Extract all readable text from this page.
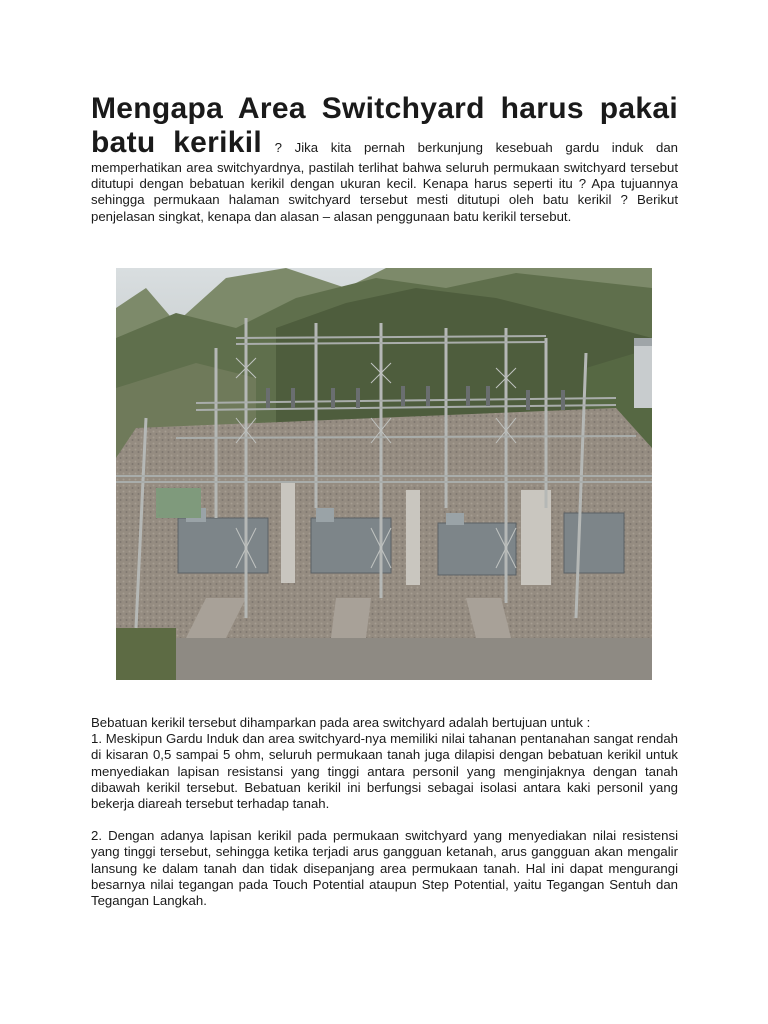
Mengapa Area Switchyard harus pakai
batu kerikil ? Jika kita pernah berkunjung kesebuah gardu induk dan memperhatikan area switchyardnya, pastilah terlihat bahwa seluruh permukaan switchyard tersebut ditutupi dengan bebatuan kerikil dengan ukuran kecil. Kenapa harus seperti itu ? Apa tujuannya sehingga permukaan halaman switchyard tersebut mesti ditutupi oleh batu kerikil ? Berikut penjelasan singkat, kenapa dan alasan – alasan penggunaan batu kerikil tersebut.

Bebatuan kerikil tersebut dihamparkan pada area switchyard adalah bertujuan untuk :

1. Meskipun Gardu Induk dan area switchyard-nya memiliki nilai tahanan pentanahan sangat rendah di kisaran 0,5 sampai 5 ohm, seluruh permukaan tanah juga dilapisi dengan bebatuan kerikil untuk menyediakan lapisan resistansi yang tinggi antara personil yang menginjaknya dengan tanah dibawah kerikil tersebut. Bebatuan kerikil ini berfungsi sebagai isolasi antara kaki personil yang bekerja diareah tersebut terhadap tanah.

2. Dengan adanya lapisan kerikil pada permukaan switchyard yang menyediakan nilai resistensi yang tinggi tersebut, sehingga ketika terjadi arus gangguan ketanah, arus gangguan akan mengalir lansung ke dalam tanah dan tidak disepanjang area permukaan tanah. Hal ini dapat mengurangi besarnya nilai tegangan pada Touch Potential ataupun Step Potential, yaitu Tegangan Sentuh dan Tegangan Langkah.
